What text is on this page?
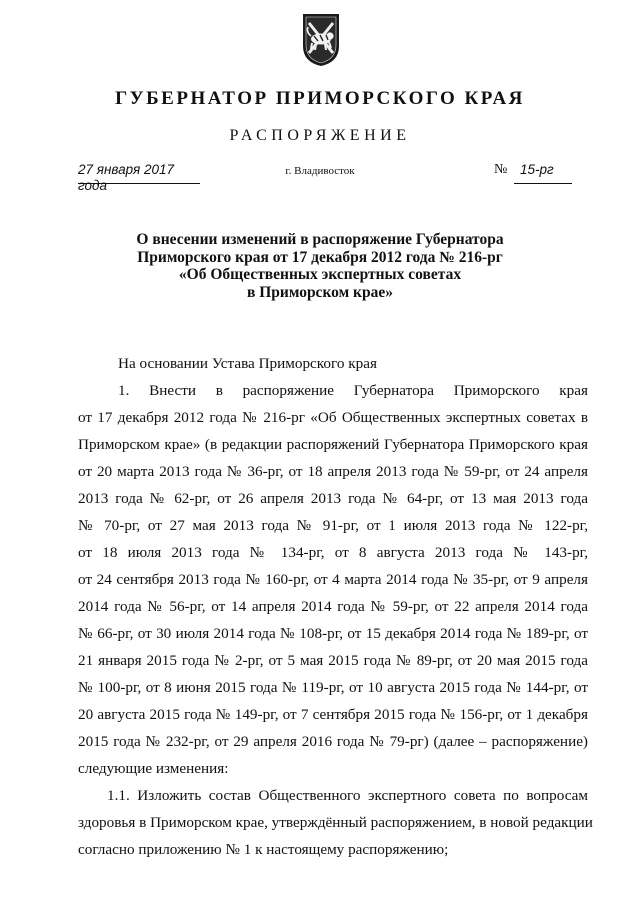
ГУБЕРНАТОР ПРИМОРСКОГО КРАЯ
РАСПОРЯЖЕНИЕ
27 января 2017 года
г. Владивосток	№ 15-рг
О внесении изменений в распоряжение Губернатора
Приморского края от 17 декабря 2012 года № 216-рг
«Об Общественных экспертных советах
в Приморском крае»
На основании Устава Приморского края
1. Внести в распоряжение Губернатора Приморского края
от 17 декабря 2012 года № 216-рг «Об Общественных экспертных советах в
Приморском крае» (в редакции распоряжений Губернатора Приморского края
от 20 марта 2013 года № 36-рг, от 18 апреля 2013 года № 59-рг, от 24 апреля
2013 года № 62-рг, от 26 апреля 2013 года № 64-рг, от 13 мая 2013 года
№ 70-рг, от 27 мая 2013 года № 91-рг, от 1 июля 2013 года № 122-рг,
от 18 июля 2013 года № 134-рг, от 8 августа 2013 года № 143-рг,
от 24 сентября 2013 года № 160-рг, от 4 марта 2014 года № 35-рг, от 9 апреля
2014 года № 56-рг, от 14 апреля 2014 года № 59-рг, от 22 апреля 2014 года
№ 66-рг, от 30 июля 2014 года № 108-рг, от 15 декабря 2014 года № 189-рг, от
21 января 2015 года № 2-рг, от 5 мая 2015 года № 89-рг, от 20 мая 2015 года
№ 100-рг, от 8 июня 2015 года № 119-рг, от 10 августа 2015 года № 144-рг, от
20 августа 2015 года № 149-рг, от 7 сентября 2015 года № 156-рг, от 1 декабря
2015 года № 232-рг, от 29 апреля 2016 года № 79-рг) (далее – распоряжение)
следующие изменения:
1.1. Изложить состав Общественного экспертного совета по вопросам
здоровья в Приморском крае, утверждённый распоряжением, в новой редакции
согласно приложению № 1 к настоящему распоряжению;
